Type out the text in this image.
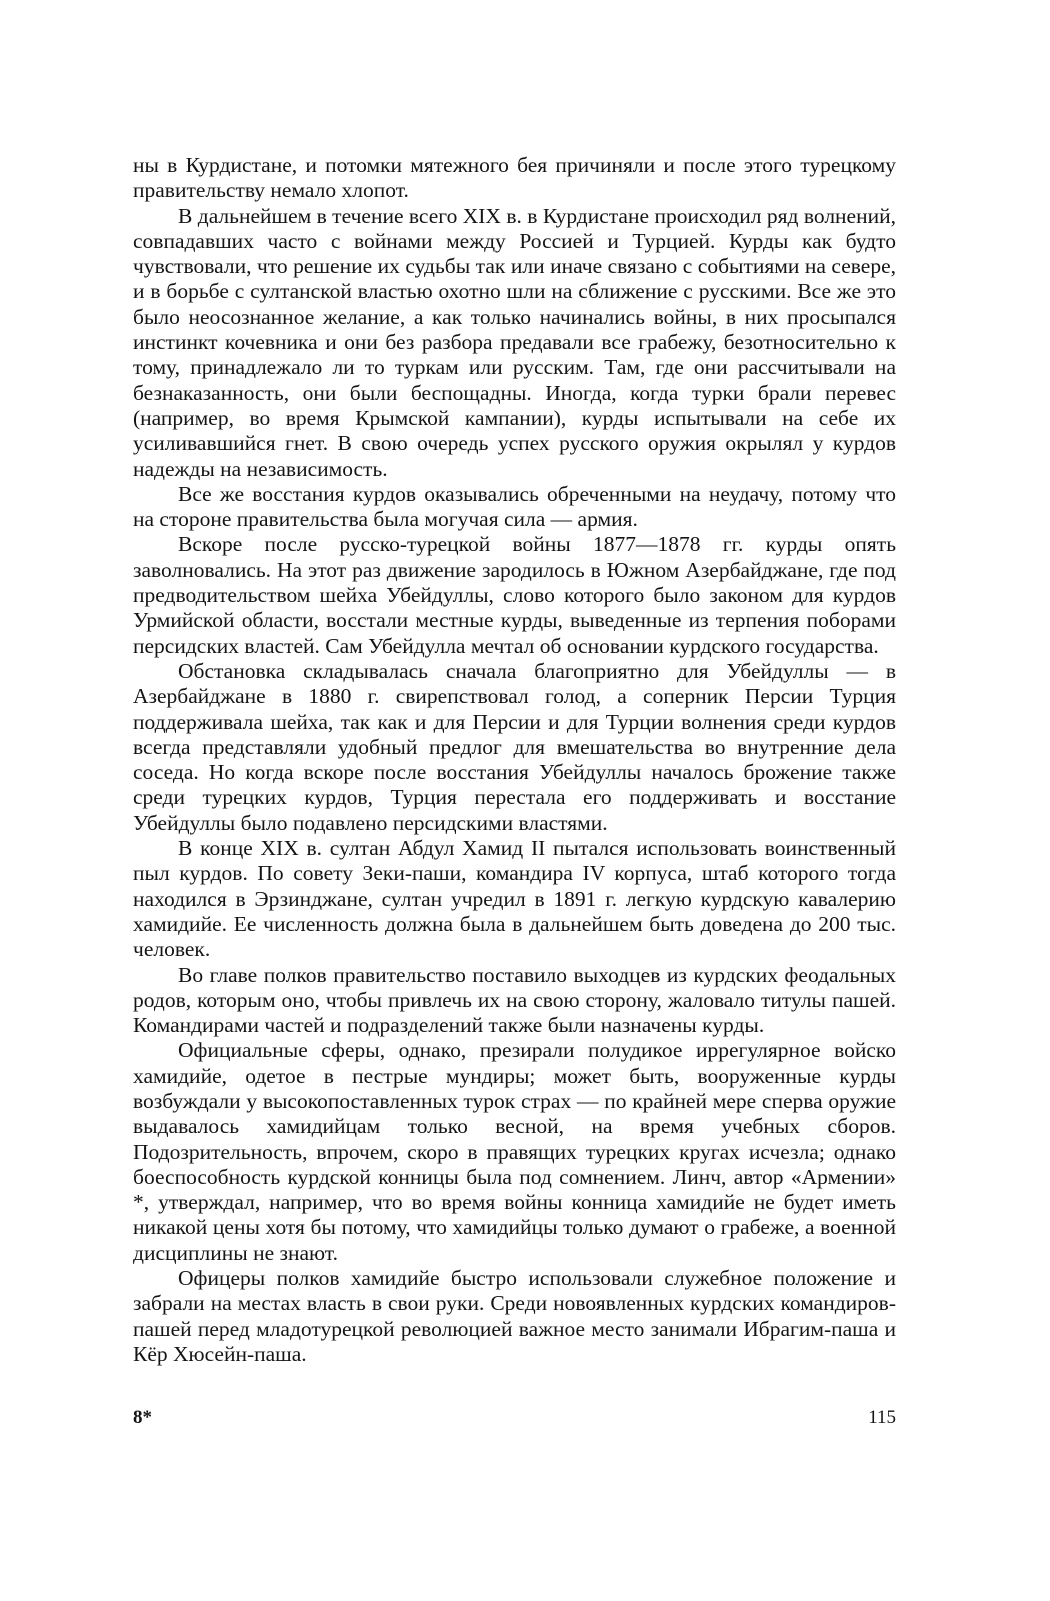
ны в Курдистане, и потомки мятежного бея причиняли и после этого турецкому правительству немало хлопот.

В дальнейшем в течение всего XIX в. в Курдистане происходил ряд волнений, совпадавших часто с войнами между Россией и Турцией. Курды как будто чувствовали, что решение их судьбы так или иначе связано с событиями на севере, и в борьбе с султанской властью охотно шли на сближение с русскими. Все же это было неосознанное желание, а как только начинались войны, в них просыпался инстинкт кочевника и они без разбора предавали все грабежу, безотносительно к тому, принадлежало ли то туркам или русским. Там, где они рассчитывали на безнаказанность, они были беспощадны. Иногда, когда турки брали перевес (например, во время Крымской кампании), курды испытывали на себе их усиливавшийся гнет. В свою очередь успех русского оружия окрылял у курдов надежды на независимость.

Все же восстания курдов оказывались обреченными на неудачу, потому что на стороне правительства была могучая сила — армия.

Вскоре после русско-турецкой войны 1877—1878 гг. курды опять заволновались. На этот раз движение зародилось в Южном Азербайджане, где под предводительством шейха Убейдуллы, слово которого было законом для курдов Урмийской области, восстали местные курды, выведенные из терпения поборами персидских властей. Сам Убейдулла мечтал об основании курдского государства.

Обстановка складывалась сначала благоприятно для Убейдуллы — в Азербайджане в 1880 г. свирепствовал голод, а соперник Персии Турция поддерживала шейха, так как и для Персии и для Турции волнения среди курдов всегда представляли удобный предлог для вмешательства во внутренние дела соседа. Но когда вскоре после восстания Убейдуллы началось брожение также среди турецких курдов, Турция перестала его поддерживать и восстание Убейдуллы было подавлено персидскими властями.

В конце XIX в. султан Абдул Хамид II пытался использовать воинственный пыл курдов. По совету Зеки-паши, командира IV корпуса, штаб которого тогда находился в Эрзинджане, султан учредил в 1891 г. легкую курдскую кавалерию хамидийе. Ее численность должна была в дальнейшем быть доведена до 200 тыс. человек.

Во главе полков правительство поставило выходцев из курдских феодальных родов, которым оно, чтобы привлечь их на свою сторону, жаловало титулы пашей. Командирами частей и подразделений также были назначены курды.

Официальные сферы, однако, презирали полудикое иррегулярное войско хамидийе, одетое в пестрые мундиры; может быть, вооруженные курды возбуждали у высокопоставленных турок страх — по крайней мере сперва оружие выдавалось хамидийцам только весной, на время учебных сборов. Подозрительность, впрочем, скоро в правящих турецких кругах исчезла; однако боеспособность курдской конницы была под сомнением. Линч, автор «Армении» *, утверждал, например, что во время войны конница хамидийе не будет иметь никакой цены хотя бы потому, что хамидийцы только думают о грабеже, а военной дисциплины не знают.

Офицеры полков хамидийе быстро использовали служебное положение и забрали на местах власть в свои руки. Среди новоявленных курдских командиров-пашей перед младотурецкой революцией важное место занимали Ибрагим-паша и Кёр Хюсейн-паша.

8*	115
